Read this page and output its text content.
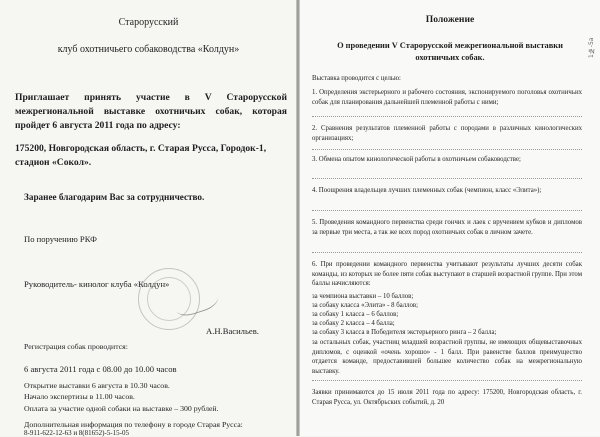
Старорусский
клуб охотничьего собаководства «Колдун»
Приглашает принять участие в V Старорусской межрегиональной выставке охотничьих собак, которая пройдет 6 августа 2011 года по адресу:
175200, Новгородская область, г. Старая Русса, Городок-1, стадион «Сокол».
Заранее благодарим Вас за сотрудничество.
По поручению РКФ
Руководитель- кинолог клуба «Колдун»
А.Н.Васильев.
Регистрация собак проводится:
6 августа 2011 года с 08.00 до 10.00 часов
Открытие выставки 6 августа в 10.30 часов.
Начало экспертизы в 11.00 часов.
Оплата за участие одной собаки на выставке – 300 рублей.
Дополнительная информация по телефону в городе Старая Русса:
8-911-622-12-63 и 8(81652)-5-15-05
Положение
О проведении V Старорусской межрегиональной выставки
охотничьих собак.
Выставка проводится с целью:
1. Определения экстерьерного и рабочего состояния, экспонируемого поголовья охотничьих собак для планирования дальнейшей племенной работы с ними;
2. Сравнения результатов племенной работы с породами в различных кинологических организациях;
3. Обмена опытом кинологической работы в охотничьем собаководстве;
4. Поощрения владельцев лучших племенных собак (чемпион, класс «Элита»);
5. Проведения командного первенства среди гончих и лаек с вручением кубков и дипломов за первые три места, а так же всех пород охотничьих собак в личном зачете.
6. При проведении командного первенства учитывают результаты лучших десяти собак команды, из которых не более пяти собак выступают в старшей возрастной группе. При этом баллы начисляются:
за чемпиона выставки – 10 баллов;
за собаку класса «Элита» - 8 баллов;
за собаку 1 класса – 6 баллов;
за собаку 2 класса – 4 балла;
за собаку 3 класса в Победителя экстерьерного ринга – 2 балла;
за остальных собак, участниц младшей возрастной группы, не имеющих общевыставочных дипломов, с оценкой «очень хорошо» - 1 балл. При равенстве баллов преимущество отдается команде, предоставившей большее количество собак на межрегиональную выставку.
Заявки принимаются до 15 июля 2011 года по адресу: 175200, Новгородская область, г. Старая Русса, ул. Октябрьских событий, д. 20
1№-5а
